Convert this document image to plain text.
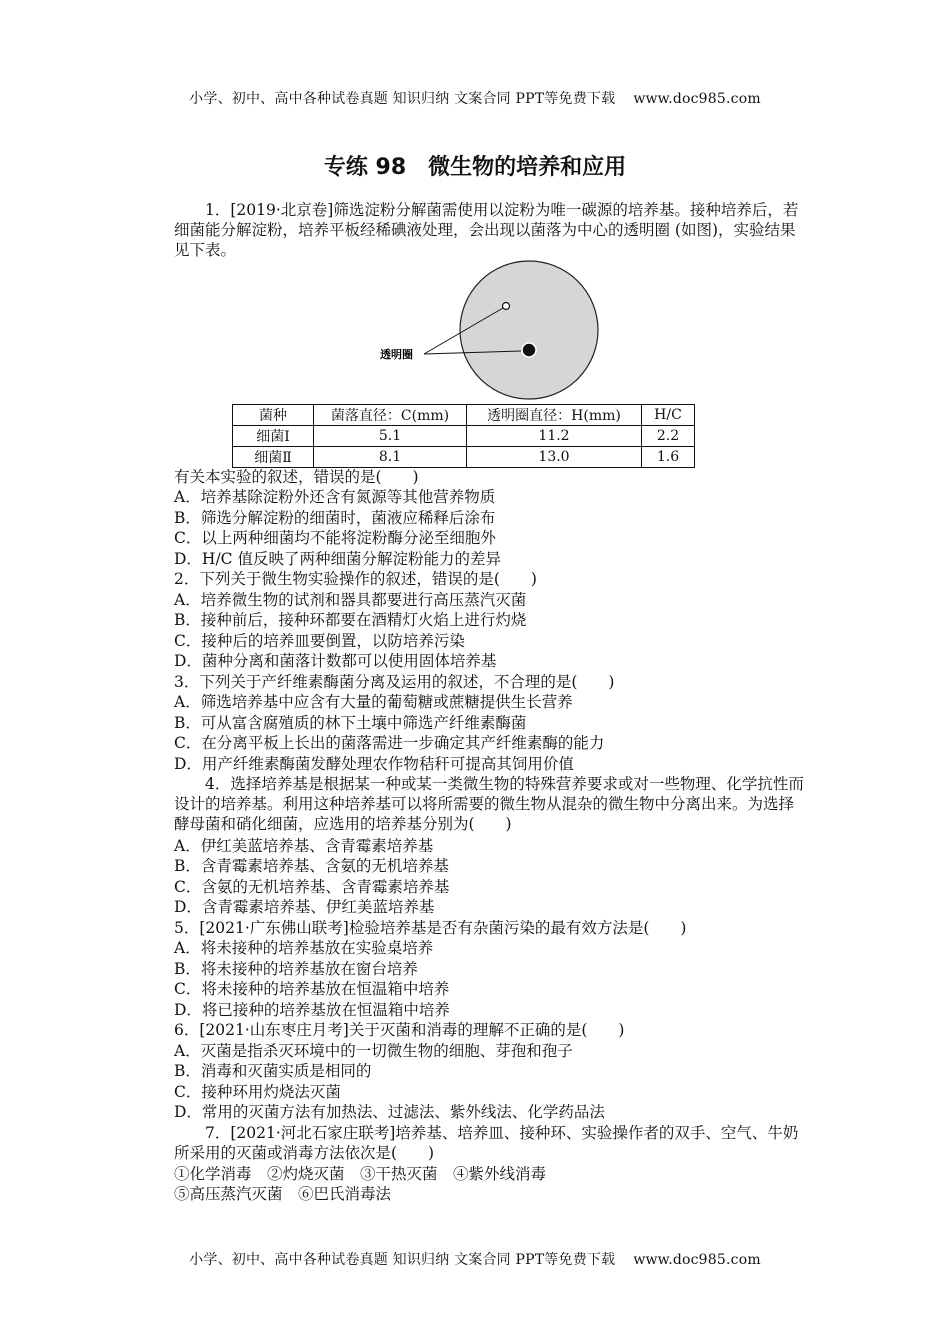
小学、初中、高中各种试卷真题 知识归纳 文案合同 PPT等免费下载 www.doc985.com
专练 98　微生物的培养和应用
1．[2019·北京卷]筛选淀粉分解菌需使用以淀粉为唯一碳源的培养基。接种培养后，若细菌能分解淀粉，培养平板经稀碘液处理，会出现以菌落为中心的透明圈 (如图)，实验结果见下表。
透明圈
菌种	菌落直径：C(mm)	透明圈直径：H(mm)	H/C
细菌Ⅰ	5.1	11.2	2.2
细菌Ⅱ	8.1	13.0	1.6
有关本实验的叙述，错误的是(　　)
A．培养基除淀粉外还含有氮源等其他营养物质
B．筛选分解淀粉的细菌时，菌液应稀释后涂布
C．以上两种细菌均不能将淀粉酶分泌至细胞外
D．H/C 值反映了两种细菌分解淀粉能力的差异
2．下列关于微生物实验操作的叙述，错误的是(　　)
A．培养微生物的试剂和器具都要进行高压蒸汽灭菌
B．接种前后，接种环都要在酒精灯火焰上进行灼烧
C．接种后的培养皿要倒置，以防培养污染
D．菌种分离和菌落计数都可以使用固体培养基
3．下列关于产纤维素酶菌分离及运用的叙述，不合理的是(　　)
A．筛选培养基中应含有大量的葡萄糖或蔗糖提供生长营养
B．可从富含腐殖质的林下土壤中筛选产纤维素酶菌
C．在分离平板上长出的菌落需进一步确定其产纤维素酶的能力
D．用产纤维素酶菌发酵处理农作物秸秆可提高其饲用价值
4．选择培养基是根据某一种或某一类微生物的特殊营养要求或对一些物理、化学抗性而设计的培养基。利用这种培养基可以将所需要的微生物从混杂的微生物中分离出来。为选择酵母菌和硝化细菌，应选用的培养基分别为(　　)
A．伊红美蓝培养基、含青霉素培养基
B．含青霉素培养基、含氨的无机培养基
C．含氨的无机培养基、含青霉素培养基
D．含青霉素培养基、伊红美蓝培养基
5．[2021·广东佛山联考]检验培养基是否有杂菌污染的最有效方法是(　　)
A．将未接种的培养基放在实验桌培养
B．将未接种的培养基放在窗台培养
C．将未接种的培养基放在恒温箱中培养
D．将已接种的培养基放在恒温箱中培养
6．[2021·山东枣庄月考]关于灭菌和消毒的理解不正确的是(　　)
A．灭菌是指杀灭环境中的一切微生物的细胞、芽孢和孢子
B．消毒和灭菌实质是相同的
C．接种环用灼烧法灭菌
D．常用的灭菌方法有加热法、过滤法、紫外线法、化学药品法
7．[2021·河北石家庄联考]培养基、培养皿、接种环、实验操作者的双手、空气、牛奶所采用的灭菌或消毒方法依次是(　　)
①化学消毒　②灼烧灭菌　③干热灭菌　④紫外线消毒
⑤高压蒸汽灭菌　⑥巴氏消毒法
小学、初中、高中各种试卷真题 知识归纳 文案合同 PPT等免费下载 www.doc985.com
